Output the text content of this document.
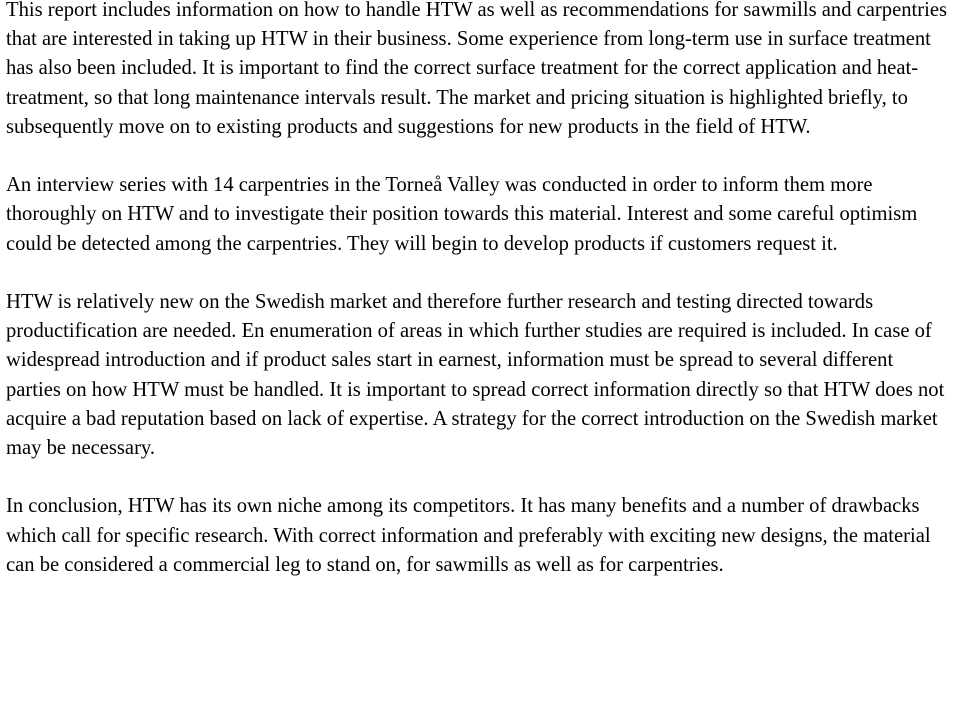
This report includes information on how to handle HTW as well as recommendations for sawmills and carpentries that are interested in taking up HTW in their business. Some experience from long-term use in surface treatment has also been included. It is important to find the correct surface treatment for the correct application and heat-treatment, so that long maintenance intervals result. The market and pricing situation is highlighted briefly, to subsequently move on to existing products and suggestions for new products in the field of HTW.

An interview series with 14 carpentries in the Torneå Valley was conducted in order to inform them more thoroughly on HTW and to investigate their position towards this material. Interest and some careful optimism could be detected among the carpentries. They will begin to develop products if customers request it.

HTW is relatively new on the Swedish market and therefore further research and testing directed towards productification are needed. En enumeration of areas in which further studies are required is included. In case of widespread introduction and if product sales start in earnest, information must be spread to several different parties on how HTW must be handled. It is important to spread correct information directly so that HTW does not acquire a bad reputation based on lack of expertise. A strategy for the correct introduction on the Swedish market may be necessary.

In conclusion, HTW has its own niche among its competitors. It has many benefits and a number of drawbacks which call for specific research. With correct information and preferably with exciting new designs, the material can be considered a commercial leg to stand on, for sawmills as well as for carpentries.
